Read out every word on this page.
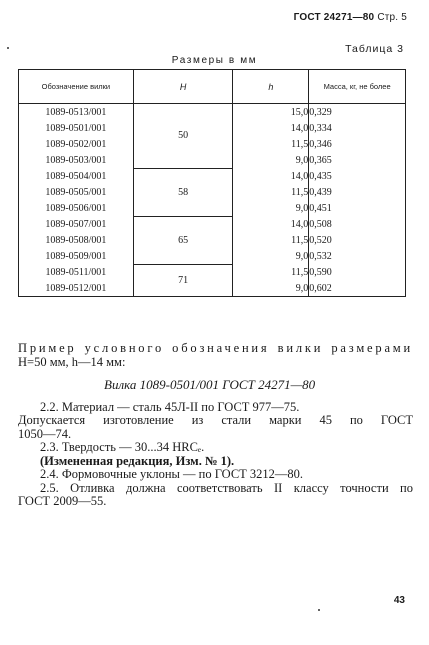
ГОСТ 24271—80 Стр. 5
Таблица 3
Размеры в мм
Обозначение вилки	H	h	Масса, кг, не более
1089-0513/001	50	15,0	0,329
1089-0501/001		14,0	0,334
1089-0502/001		11,5	0,346
1089-0503/001		9,0	0,365
1089-0504/001	58	14,0	0,435
1089-0505/001		11,5	0,439
1089-0506/001		9,0	0,451
1089-0507/001	65	14,0	0,508
1089-0508/001		11,5	0,520
1089-0509/001		9,0	0,532
1089-0511/001	71	11,5	0,590
1089-0512/001		9,0	0,602

Пример условного обозначения вилки размерами

H=50 мм, h—14 мм:

Вилка 1089-0501/001 ГОСТ 24271—80

2.2. Материал — сталь 45Л-II по ГОСТ 977—75.

Допускается изготовление из стали марки 45 по ГОСТ

1050—74.

2.3. Твердость — 30...34 HRCₑ.

(Измененная редакция, Изм. № 1).

2.4. Формовочные уклоны — по ГОСТ 3212—80.

2.5. Отливка должна соответствовать II классу точности по

ГОСТ 2009—55.

43
